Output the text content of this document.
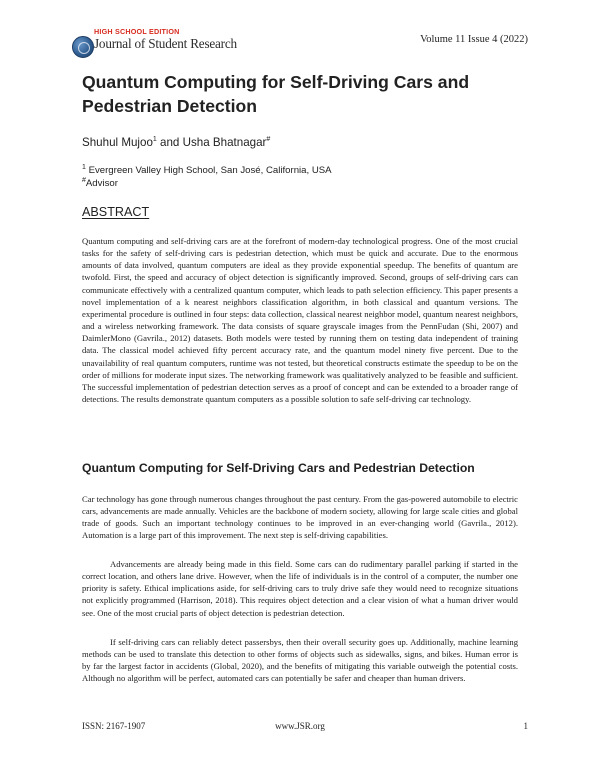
HIGH SCHOOL EDITION
Journal of Student Research	Volume 11 Issue 4 (2022)
Quantum Computing for Self-Driving Cars and Pedestrian Detection
Shuhul Mujoo$^1$ and Usha Bhatnagar#
$^1$ Evergreen Valley High School, San José, California, USA
#Advisor
ABSTRACT

Quantum computing and self-driving cars are at the forefront of modern-day technological progress. One of the most crucial tasks for the safety of self-driving cars is pedestrian detection, which must be quick and accurate. Due to the enormous amounts of data involved, quantum computers are ideal as they provide exponential speedup. The benefits of quantum are twofold. First, the speed and accuracy of object detection is significantly improved. Second, groups of self-driving cars can communicate effectively with a centralized quantum computer, which leads to path selection efficiency. This paper presents a novel implementation of a k nearest neighbors classification algorithm, in both classical and quantum versions. The experimental procedure is outlined in four steps: data collection, classical nearest neighbor model, quantum nearest neighbors, and a wireless networking framework. The data consists of square grayscale images from the PennFudan (Shi, 2007) and DaimlerMono (Gavrila., 2012) datasets. Both models were tested by running them on testing data independent of training data. The classical model achieved fifty percent accuracy rate, and the quantum model ninety five percent. Due to the unavailability of real quantum computers, runtime was not tested, but theoretical constructs estimate the speedup to be on the order of millions for moderate input sizes. The networking framework was qualitatively analyzed to be feasible and sufficient. The successful implementation of pedestrian detection serves as a proof of concept and can be extended to a broader range of detections. The results demonstrate quantum computers as a possible solution to safe self-driving car technology.

Quantum Computing for Self-Driving Cars and Pedestrian Detection

Car technology has gone through numerous changes throughout the past century. From the gas-powered automobile to electric cars, advancements are made annually. Vehicles are the backbone of modern society, allowing for large scale cities and global trade of goods. Such an important technology continues to be improved in an ever-changing world (Gavrila., 2012). Automation is a large part of this improvement. The next step is self-driving capabilities.

Advancements are already being made in this field. Some cars can do rudimentary parallel parking if started in the correct location, and others lane drive. However, when the life of individuals is in the control of a computer, the number one priority is safety. Ethical implications aside, for self-driving cars to truly drive safe they would need to recognize situations not explicitly programmed (Harrison, 2018). This requires object detection and a clear vision of what a human driver would see. One of the most crucial parts of object detection is pedestrian detection.

If self-driving cars can reliably detect passersbys, then their overall security goes up. Additionally, machine learning methods can be used to translate this detection to other forms of objects such as sidewalks, signs, and bikes. Human error is by far the largest factor in accidents (Global, 2020), and the benefits of mitigating this variable outweigh the potential costs. Although no algorithm will be perfect, automated cars can potentially be safer and cheaper than human drivers.

ISSN: 2167-1907	www.JSR.org	1
